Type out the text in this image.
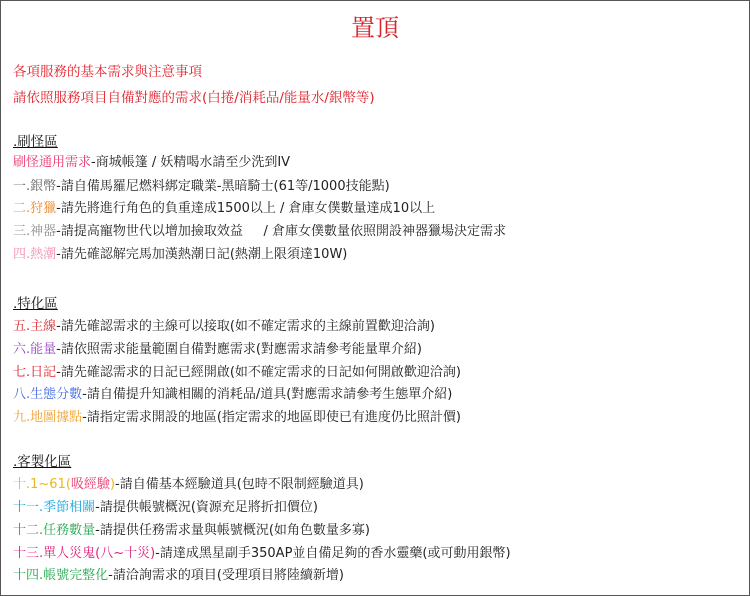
置頂
各項服務的基本需求與注意事項
請依照服務項目自備對應的需求(白捲/消耗品/能量水/銀幣等)
.刷怪區
刷怪通用需求-商城帳篷 / 妖精喝水請至少洗到IV
一.銀幣-請自備馬羅尼燃料綁定職業-黑暗騎士(61等/1000技能點)
二.狩獵-請先將進行角色的負重達成1500以上 / 倉庫女僕數量達成10以上
三.神器-請提高寵物世代以增加撿取效益     / 倉庫女僕數量依照開設神器獵場決定需求
四.熱潮-請先確認解完馬加漢熱潮日記(熱潮上限須達10W)
.特化區
五.主線-請先確認需求的主線可以接取(如不確定需求的主線前置歡迎洽詢)
六.能量-請依照需求能量範圍自備對應需求(對應需求請參考能量單介紹)
七.日記-請先確認需求的日記已經開啟(如不確定需求的日記如何開啟歡迎洽詢)
八.生態分數-請自備提升知識相關的消耗品/道具(對應需求請參考生態單介紹)
九.地圖據點-請指定需求開設的地區(指定需求的地區即使已有進度仍比照計價)
.客製化區
十.1~61(吸經驗)-請自備基本經驗道具(包時不限制經驗道具)
十一.季節相關-請提供帳號概況(資源充足將折扣價位)
十二.任務數量-請提供任務需求量與帳號概況(如角色數量多寡)
十三.單人災鬼(八~十災)-請達成黑星副手350AP並自備足夠的香水靈藥(或可動用銀幣)
十四.帳號完整化-請洽詢需求的項目(受理項目將陸續新增)
